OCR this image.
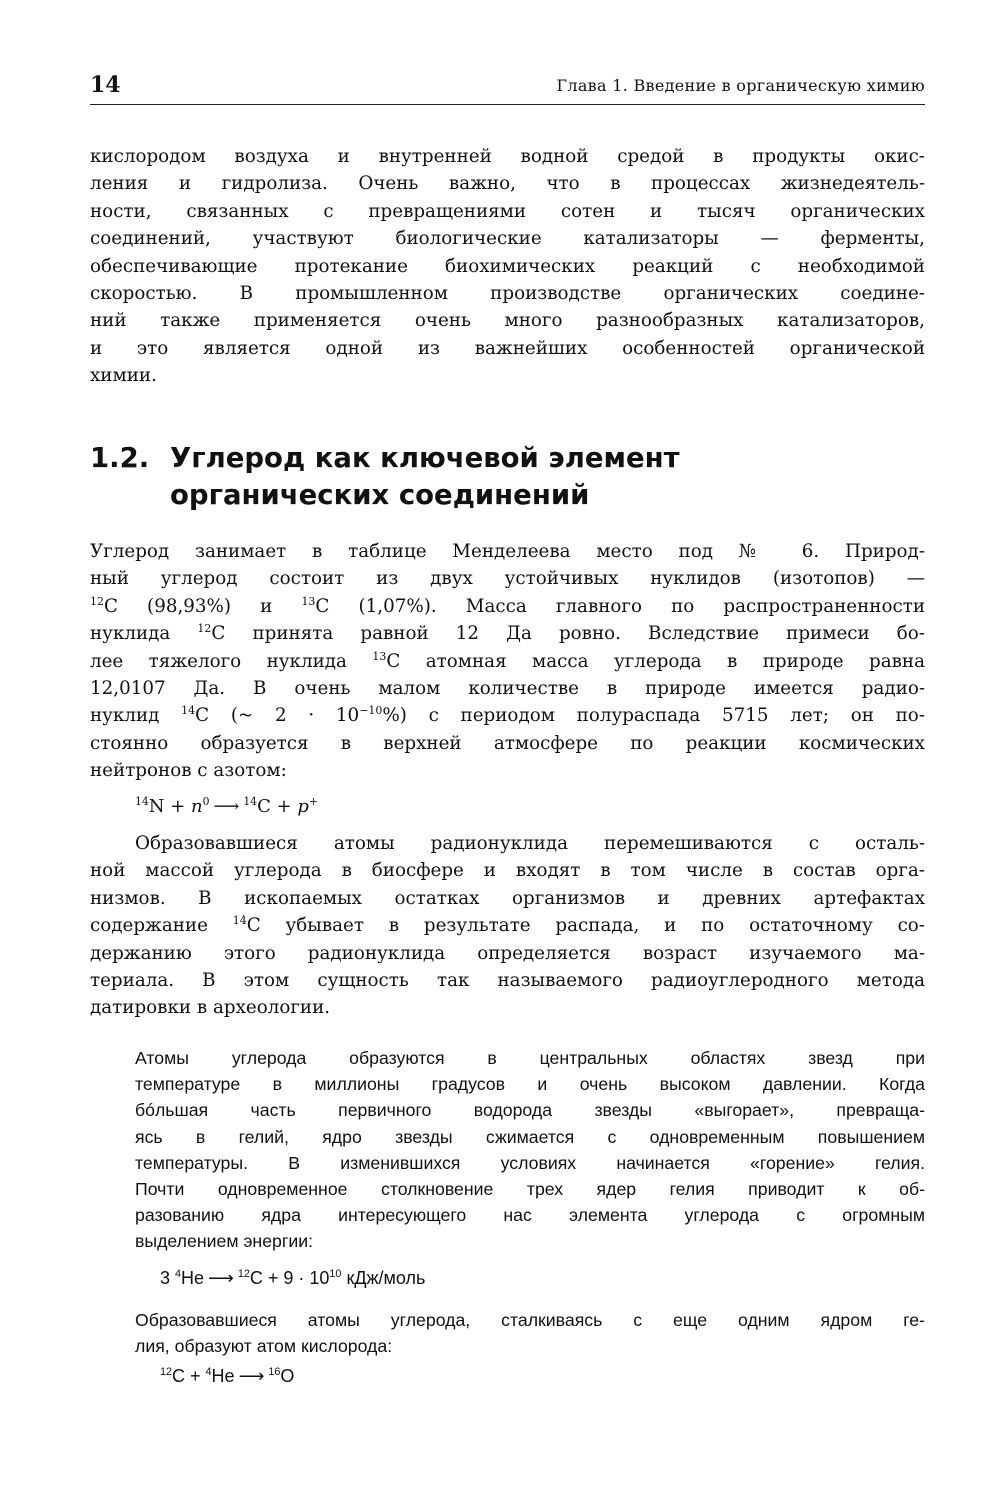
14	Глава 1. Введение в органическую химию
кислородом воздуха и внутренней водной средой в продукты окис-
ления и гидролиза. Очень важно, что в процессах жизнедеятель-
ности, связанных с превращениями сотен и тысяч органических
соединений, участвуют биологические катализаторы — ферменты,
обеспечивающие протекание биохимических реакций с необходимой
скоростью. В промышленном производстве органических соедине-
ний также применяется очень много разнообразных катализаторов,
и это является одной из важнейших особенностей органической
химии.
1.2. Углерод как ключевой элемент
органических соединений
Углерод занимает в таблице Менделеева место под № 6. Природ-
ный углерод состоит из двух устойчивых нуклидов (изотопов) —
$^{12}$C (98,93%) и $^{13}$C (1,07%). Масса главного по распространенности
нуклида $^{12}$C принята равной 12 Да ровно. Вследствие примеси бо-
лее тяжелого нуклида $^{13}$C атомная масса углерода в природе равна
12,0107 Да. В очень малом количестве в природе имеется радио-
нуклид $^{14}$C (~ $2 \cdot 10^{-10}\%$) с периодом полураспада 5715 лет; он по-
стоянно образуется в верхней атмосфере по реакции космических
нейтронов с азотом:
$^{14}N + n^0$ ⟶ $^{14}$C + p+
Образовавшиеся атомы радионуклида перемешиваются с осталь-
ной массой углерода в биосфере и входят в том числе в состав орга-
низмов. В ископаемых остатках организмов и древних артефактах
содержание $^{14}$C убывает в результате распада, и по остаточному со-
держанию этого радионуклида определяется возраст изучаемого ма-
териала. В этом сущность так называемого радиоуглеродного метода
датировки в археологии.
Атомы углерода образуются в центральных областях звезд при
температуре в миллионы градусов и очень высоком давлении. Когда
бóльшая часть первичного водорода звезды «выгорает», превраща-
ясь в гелий, ядро звезды сжимается с одновременным повышением
температуры. В изменившихся условиях начинается «горение» гелия.
Почти одновременное столкновение трех ядер гелия приводит к об-
разованию ядра интересующего нас элемента углерода с огромным
выделением энергии:
3 $^4$He ⟶ $^{12}C + 9 \cdot 10^{10}$ кДж/моль
Образовавшиеся атомы углерода, сталкиваясь с еще одним ядром ге-
лия, образуют атом кислорода:
$^{12}$C + $^4$He ⟶ $^{16}$O
